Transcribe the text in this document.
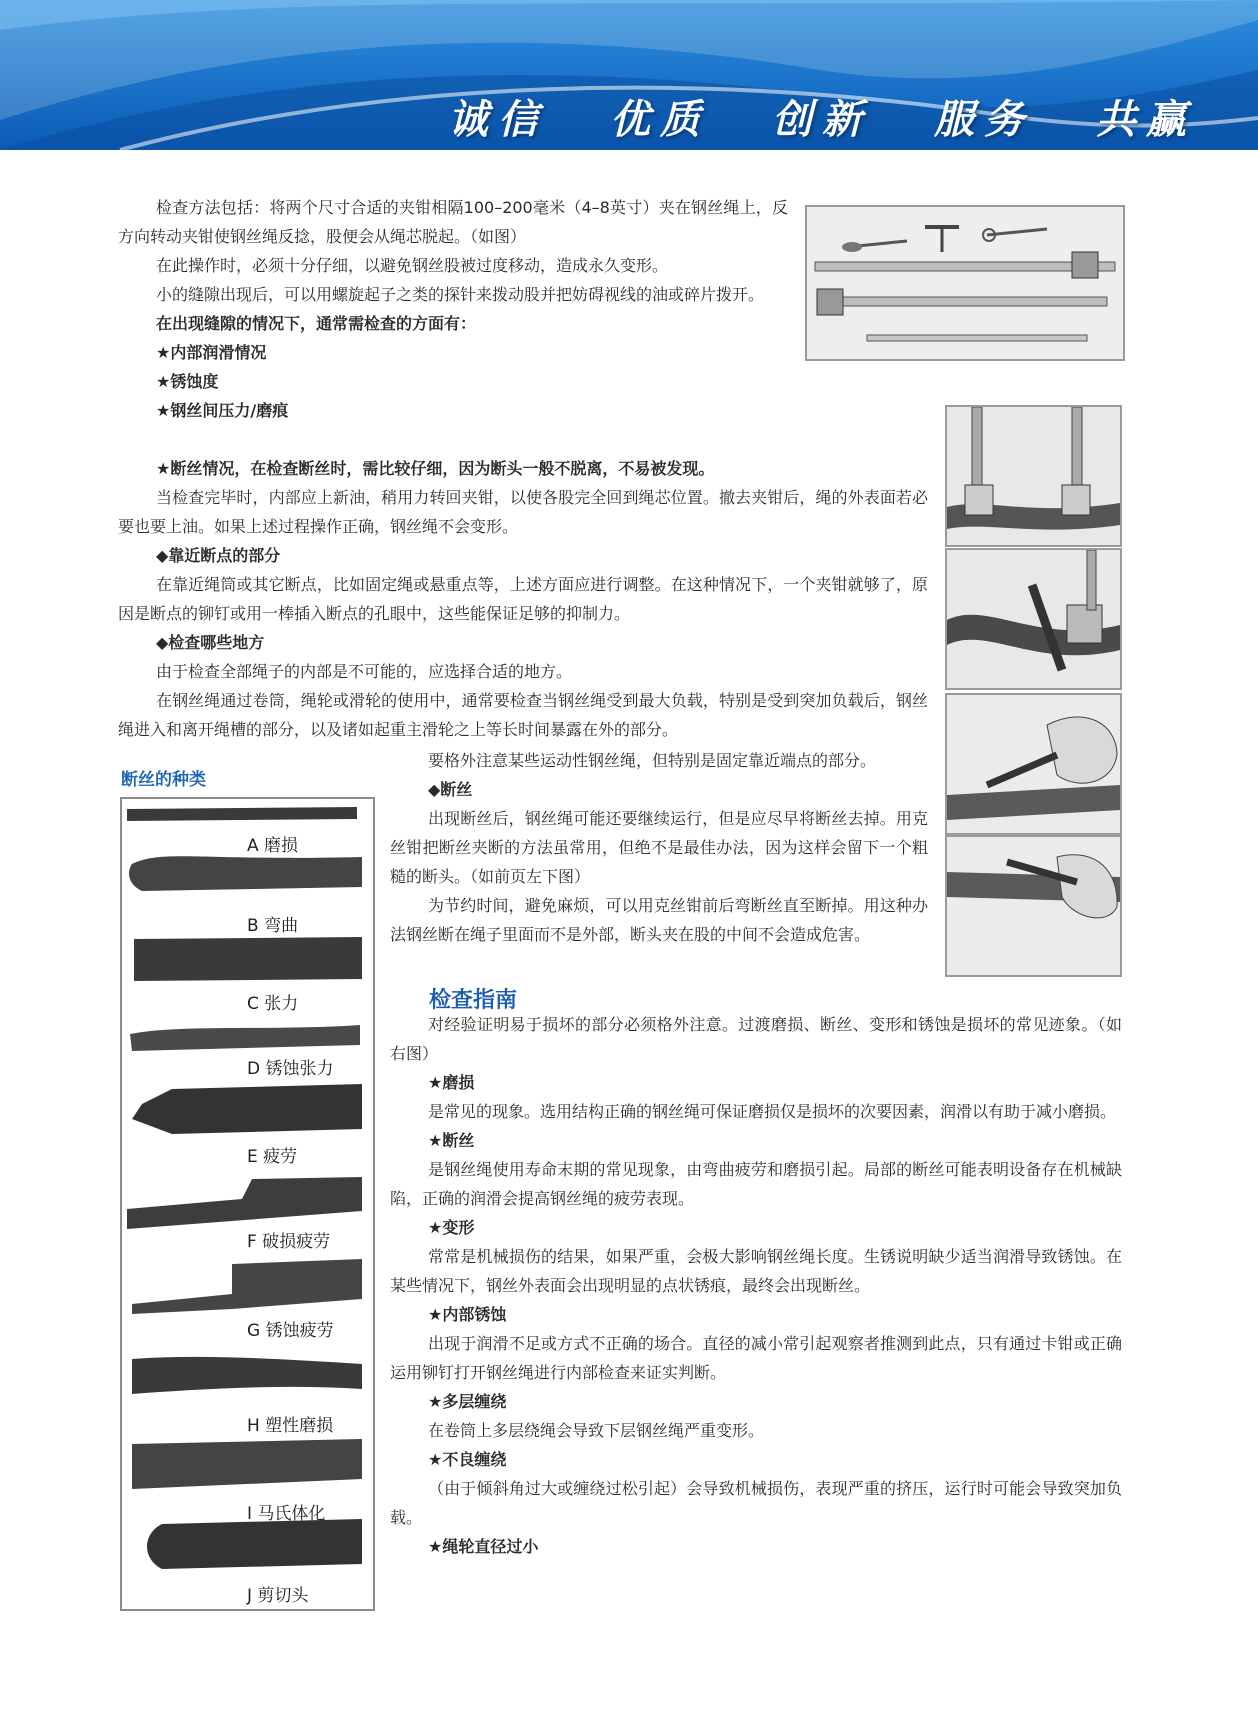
诚信 优质 创新 服务 共赢

检查方法包括：将两个尺寸合适的夹钳相隔100–200毫米（4–8英寸）夹在钢丝绳上，反方向转动夹钳使钢丝绳反捻，股便会从绳芯脱起。（如图）

在此操作时，必须十分仔细，以避免钢丝股被过度移动，造成永久变形。

小的缝隙出现后，可以用螺旋起子之类的探针来拨动股并把妨碍视线的油或碎片拨开。

在出现缝隙的情况下，通常需检查的方面有：

★内部润滑情况

★锈蚀度

★钢丝间压力/磨痕

★断丝情况，在检查断丝时，需比较仔细，因为断头一般不脱离，不易被发现。

当检查完毕时，内部应上新油，稍用力转回夹钳，以使各股完全回到绳芯位置。撤去夹钳后，绳的外表面若必要也要上油。如果上述过程操作正确，钢丝绳不会变形。

◆靠近断点的部分

在靠近绳筒或其它断点，比如固定绳或悬重点等，上述方面应进行调整。在这种情况下，一个夹钳就够了，原因是断点的铆钉或用一棒插入断点的孔眼中，这些能保证足够的抑制力。

◆检查哪些地方

由于检查全部绳子的内部是不可能的，应选择合适的地方。

在钢丝绳通过卷筒，绳轮或滑轮的使用中，通常要检查当钢丝绳受到最大负载，特别是受到突加负载后，钢丝绳进入和离开绳槽的部分，以及诸如起重主滑轮之上等长时间暴露在外的部分。

要格外注意某些运动性钢丝绳，但特别是固定靠近端点的部分。

◆断丝

出现断丝后，钢丝绳可能还要继续运行，但是应尽早将断丝去掉。用克丝钳把断丝夹断的方法虽常用，但绝不是最佳办法，因为这样会留下一个粗糙的断头。（如前页左下图）

为节约时间，避免麻烦，可以用克丝钳前后弯断丝直至断掉。用这种办法钢丝断在绳子里面而不是外部，断头夹在股的中间不会造成危害。

断丝的种类
A 磨损
B 弯曲
C 张力
D 锈蚀张力
E 疲劳
F 破损疲劳
G 锈蚀疲劳
H 塑性磨损
I 马氏体化
J 剪切头
检查指南

对经验证明易于损坏的部分必须格外注意。过渡磨损、断丝、变形和锈蚀是损坏的常见迹象。（如右图）

★磨损

是常见的现象。选用结构正确的钢丝绳可保证磨损仅是损坏的次要因素，润滑以有助于减小磨损。

★断丝

是钢丝绳使用寿命末期的常见现象，由弯曲疲劳和磨损引起。局部的断丝可能表明设备存在机械缺陷，正确的润滑会提高钢丝绳的疲劳表现。

★变形

常常是机械损伤的结果，如果严重，会极大影响钢丝绳长度。生锈说明缺少适当润滑导致锈蚀。在某些情况下，钢丝外表面会出现明显的点状锈痕，最终会出现断丝。

★内部锈蚀

出现于润滑不足或方式不正确的场合。直径的减小常引起观察者推测到此点，只有通过卡钳或正确运用铆钉打开钢丝绳进行内部检查来证实判断。

★多层缠绕

在卷筒上多层绕绳会导致下层钢丝绳严重变形。

★不良缠绕

（由于倾斜角过大或缠绕过松引起）会导致机械损伤，表现严重的挤压，运行时可能会导致突加负载。

★绳轮直径过小
